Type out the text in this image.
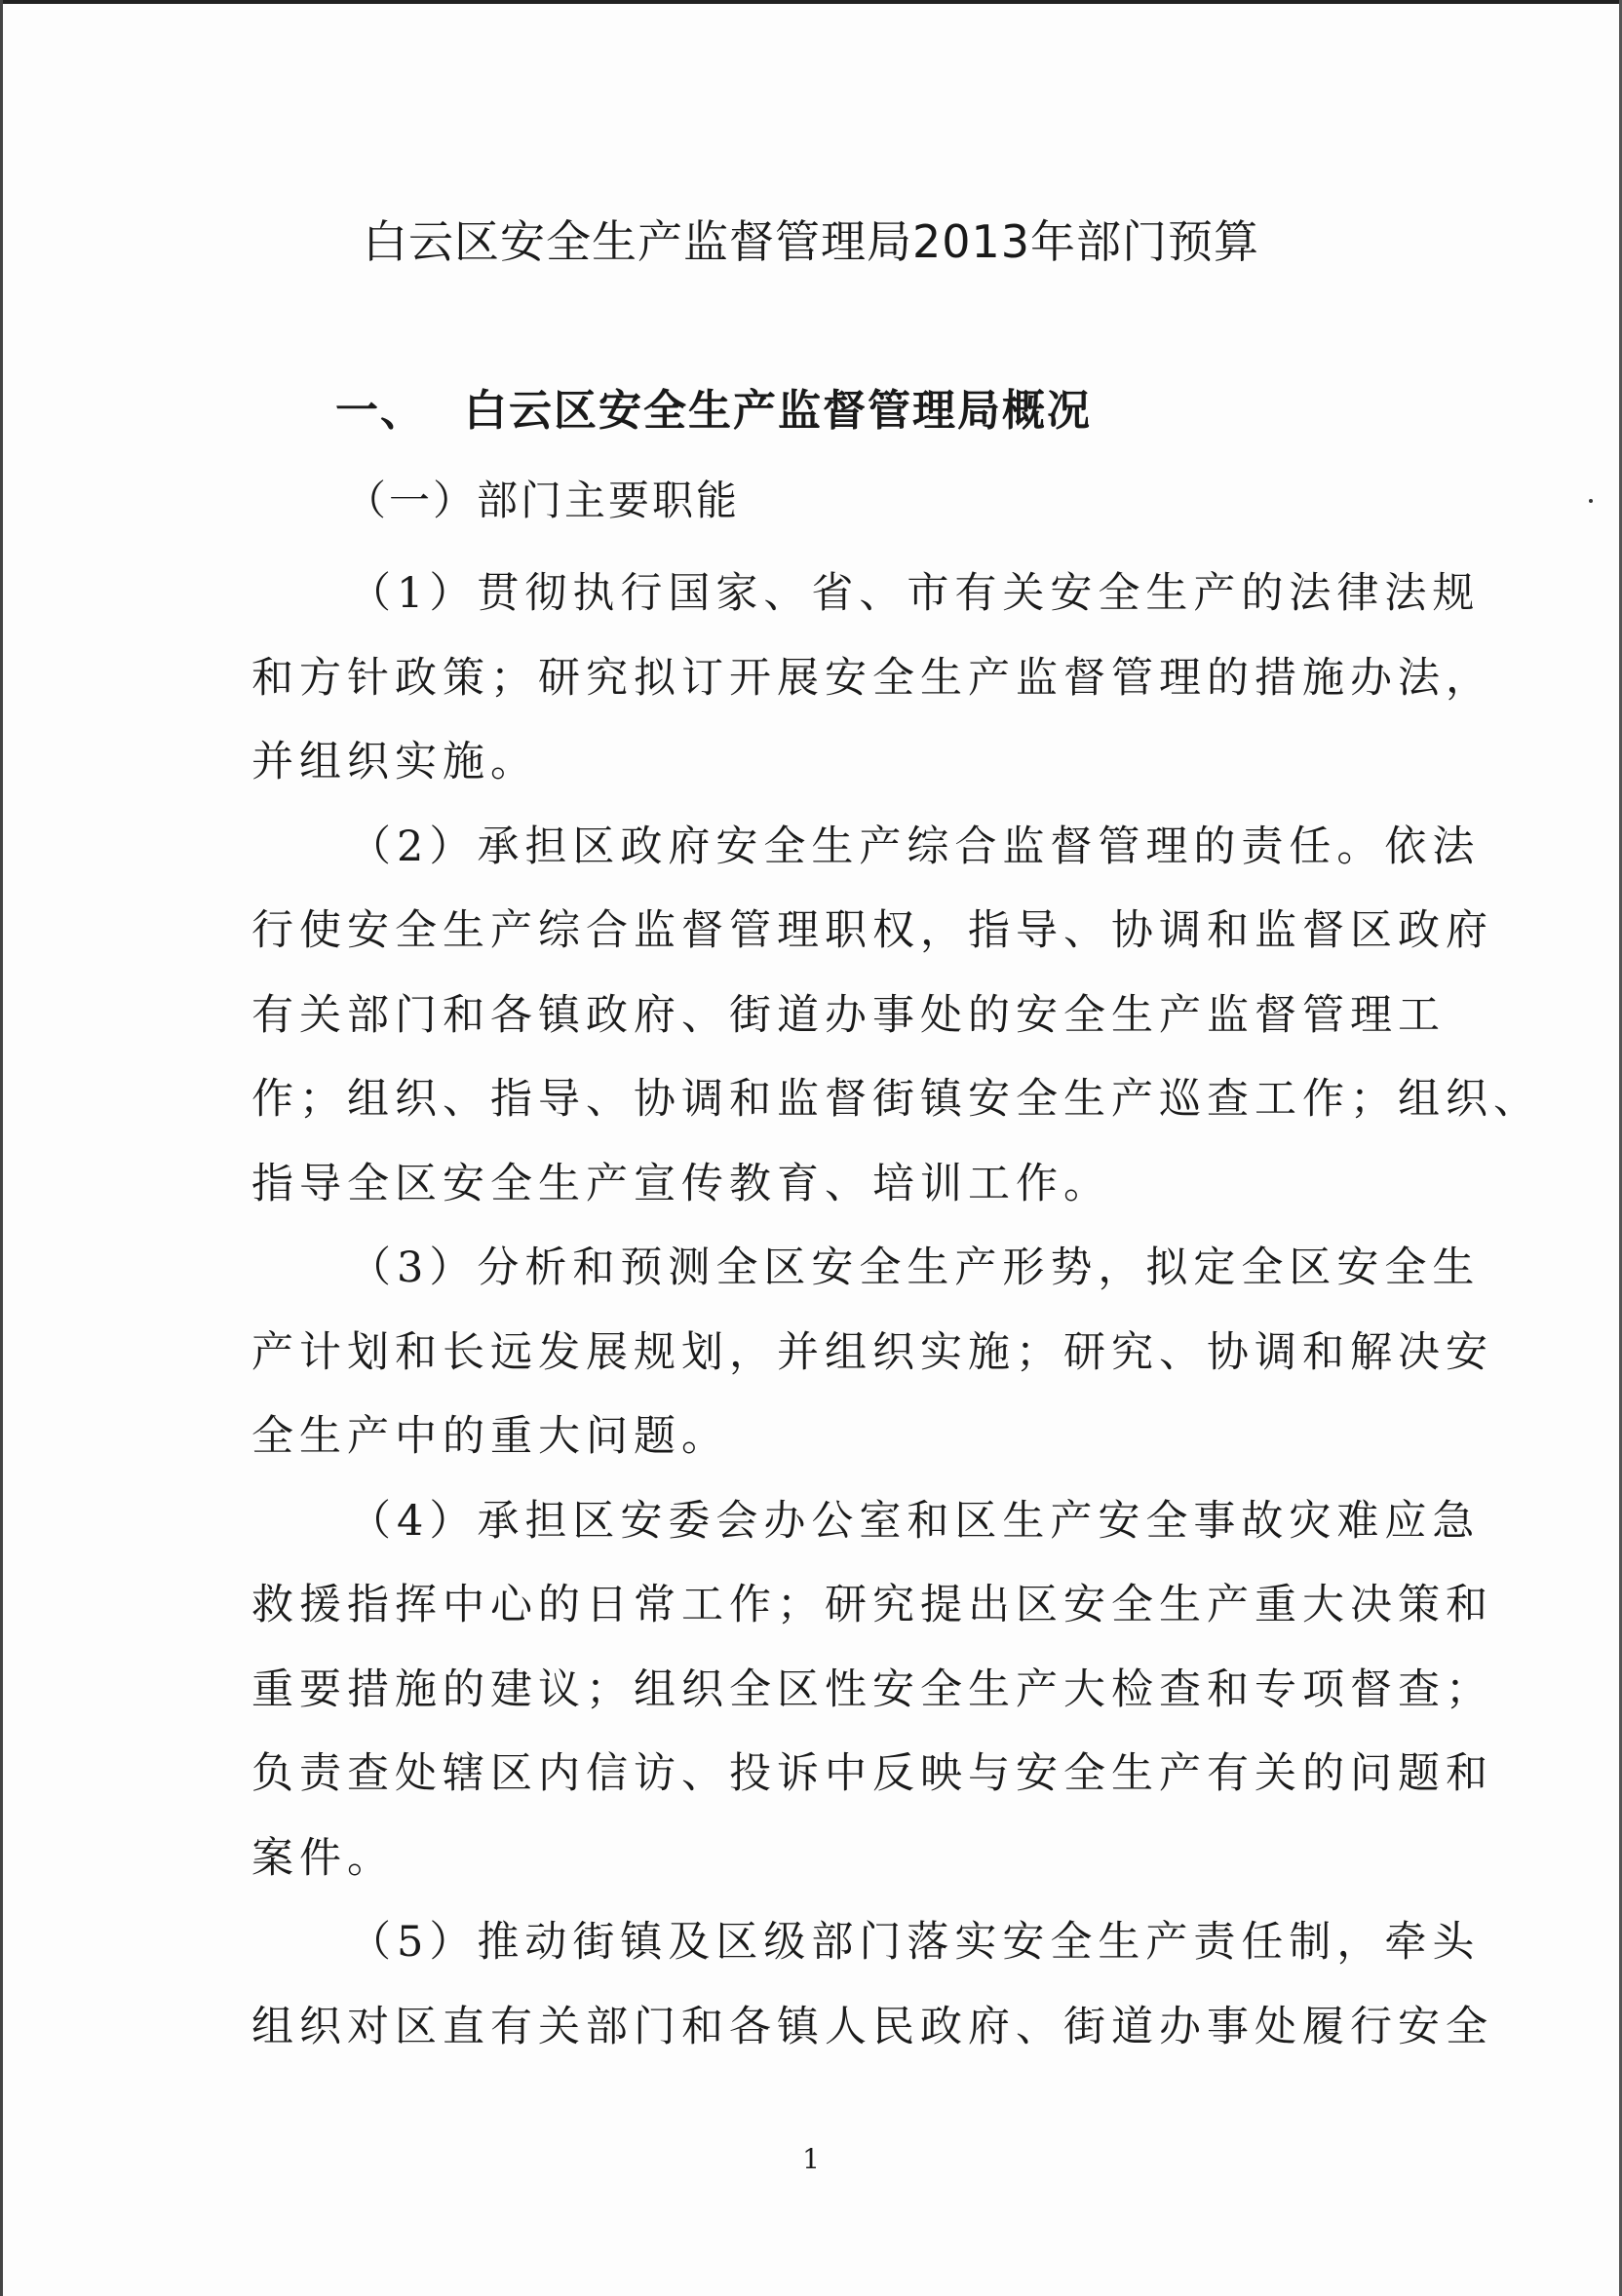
白云区安全生产监督管理局2013年部门预算
一、 白云区安全生产监督管理局概况
（一）部门主要职能

（1）贯彻执行国家、省、市有关安全生产的法律法规
和方针政策；研究拟订开展安全生产监督管理的措施办法，
并组织实施。

（2）承担区政府安全生产综合监督管理的责任。依法
行使安全生产综合监督管理职权，指导、协调和监督区政府
有关部门和各镇政府、街道办事处的安全生产监督管理工
作；组织、指导、协调和监督街镇安全生产巡查工作；组织、
指导全区安全生产宣传教育、培训工作。

（3）分析和预测全区安全生产形势，拟定全区安全生
产计划和长远发展规划，并组织实施；研究、协调和解决安
全生产中的重大问题。

（4）承担区安委会办公室和区生产安全事故灾难应急
救援指挥中心的日常工作；研究提出区安全生产重大决策和
重要措施的建议；组织全区性安全生产大检查和专项督查；
负责查处辖区内信访、投诉中反映与安全生产有关的问题和
案件。

（5）推动街镇及区级部门落实安全生产责任制，牵头
组织对区直有关部门和各镇人民政府、街道办事处履行安全

1
